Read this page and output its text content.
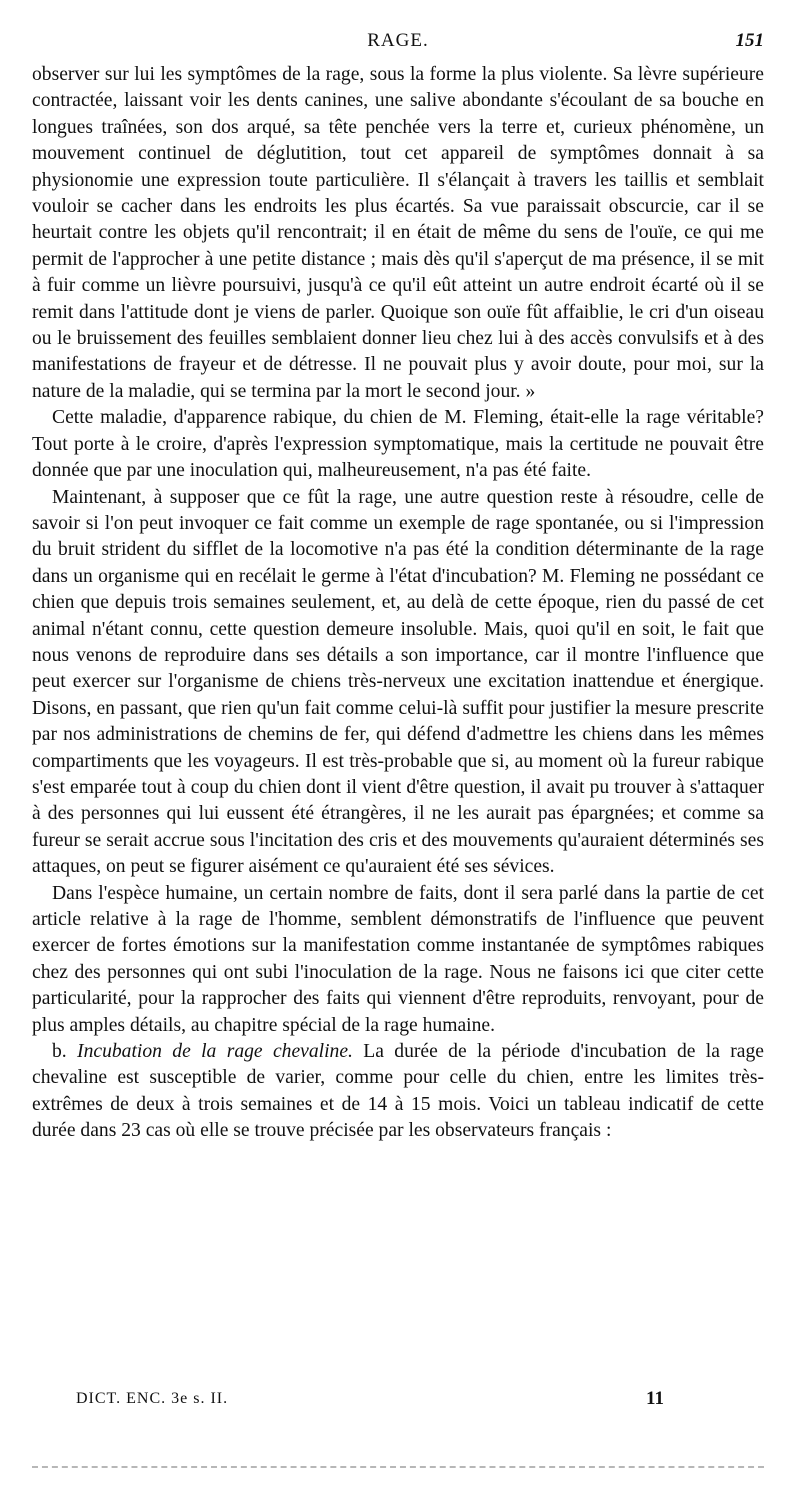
RAGE.	151

observer sur lui les symptômes de la rage, sous la forme la plus violente. Sa lèvre supérieure contractée, laissant voir les dents canines, une salive abondante s'écoulant de sa bouche en longues traînées, son dos arqué, sa tête penchée vers la terre et, curieux phénomène, un mouvement continuel de déglutition, tout cet appareil de symptômes donnait à sa physionomie une expression toute particulière. Il s'élançait à travers les taillis et semblait vouloir se cacher dans les endroits les plus écartés. Sa vue paraissait obscurcie, car il se heurtait contre les objets qu'il rencontrait; il en était de même du sens de l'ouïe, ce qui me permit de l'approcher à une petite distance ; mais dès qu'il s'aperçut de ma présence, il se mit à fuir comme un lièvre poursuivi, jusqu'à ce qu'il eût atteint un autre endroit écarté où il se remit dans l'attitude dont je viens de parler. Quoique son ouïe fût affaiblie, le cri d'un oiseau ou le bruissement des feuilles semblaient donner lieu chez lui à des accès convulsifs et à des manifestations de frayeur et de détresse. Il ne pouvait plus y avoir doute, pour moi, sur la nature de la maladie, qui se termina par la mort le second jour. »

Cette maladie, d'apparence rabique, du chien de M. Fleming, était-elle la rage véritable? Tout porte à le croire, d'après l'expression symptomatique, mais la certitude ne pouvait être donnée que par une inoculation qui, malheureusement, n'a pas été faite.

Maintenant, à supposer que ce fût la rage, une autre question reste à résoudre, celle de savoir si l'on peut invoquer ce fait comme un exemple de rage spontanée, ou si l'impression du bruit strident du sifflet de la locomotive n'a pas été la condition déterminante de la rage dans un organisme qui en recélait le germe à l'état d'incubation? M. Fleming ne possédant ce chien que depuis trois semaines seulement, et, au delà de cette époque, rien du passé de cet animal n'étant connu, cette question demeure insoluble. Mais, quoi qu'il en soit, le fait que nous venons de reproduire dans ses détails a son importance, car il montre l'influence que peut exercer sur l'organisme de chiens très-nerveux une excitation inattendue et énergique. Disons, en passant, que rien qu'un fait comme celui-là suffit pour justifier la mesure prescrite par nos administrations de chemins de fer, qui défend d'admettre les chiens dans les mêmes compartiments que les voyageurs. Il est très-probable que si, au moment où la fureur rabique s'est emparée tout à coup du chien dont il vient d'être question, il avait pu trouver à s'attaquer à des personnes qui lui eussent été étrangères, il ne les aurait pas épargnées; et comme sa fureur se serait accrue sous l'incitation des cris et des mouvements qu'auraient déterminés ses attaques, on peut se figurer aisément ce qu'auraient été ses sévices.

Dans l'espèce humaine, un certain nombre de faits, dont il sera parlé dans la partie de cet article relative à la rage de l'homme, semblent démonstratifs de l'influence que peuvent exercer de fortes émotions sur la manifestation comme instantanée de symptômes rabiques chez des personnes qui ont subi l'inoculation de la rage. Nous ne faisons ici que citer cette particularité, pour la rapprocher des faits qui viennent d'être reproduits, renvoyant, pour de plus amples détails, au chapitre spécial de la rage humaine.

b. Incubation de la rage chevaline. La durée de la période d'incubation de la rage chevaline est susceptible de varier, comme pour celle du chien, entre les limites très-extrêmes de deux à trois semaines et de 14 à 15 mois. Voici un tableau indicatif de cette durée dans 23 cas où elle se trouve précisée par les observateurs français :

DICT. ENC. 3e s. II.	11
